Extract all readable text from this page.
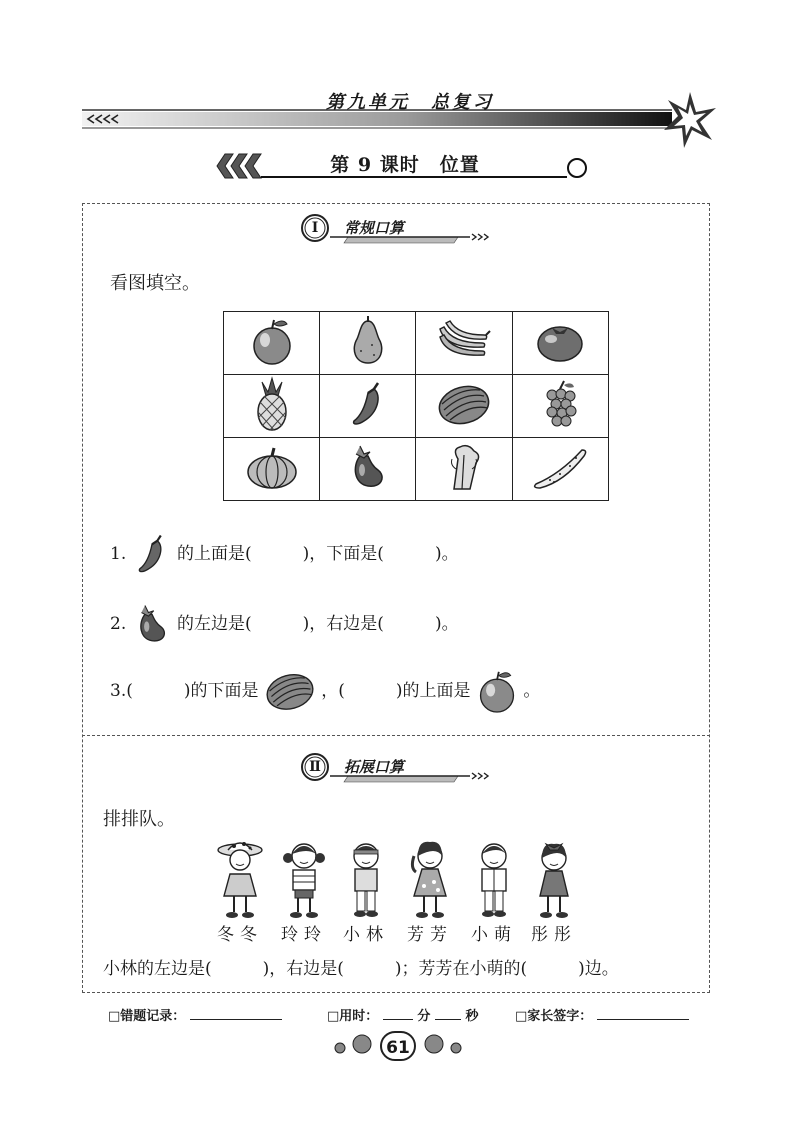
第九单元　总复习
第 9 课时　位置
Ⅰ	常规口算
看图填空。

1.	的上面是(　　　)，下面是(　　　)。
2.	的左边是(　　　)，右边是(　　　)。
3.(　　　)的下面是	，(　　　)的上面是	。
Ⅱ	拓展口算
排排队。
冬冬	玲玲 小林	芳芳	小萌 彤彤
小林的左边是(　　　)，右边是(　　　)；芳芳在小萌的(　　　)边。
□错题记录：	□用时：	分	秒	□家长签字：
61
